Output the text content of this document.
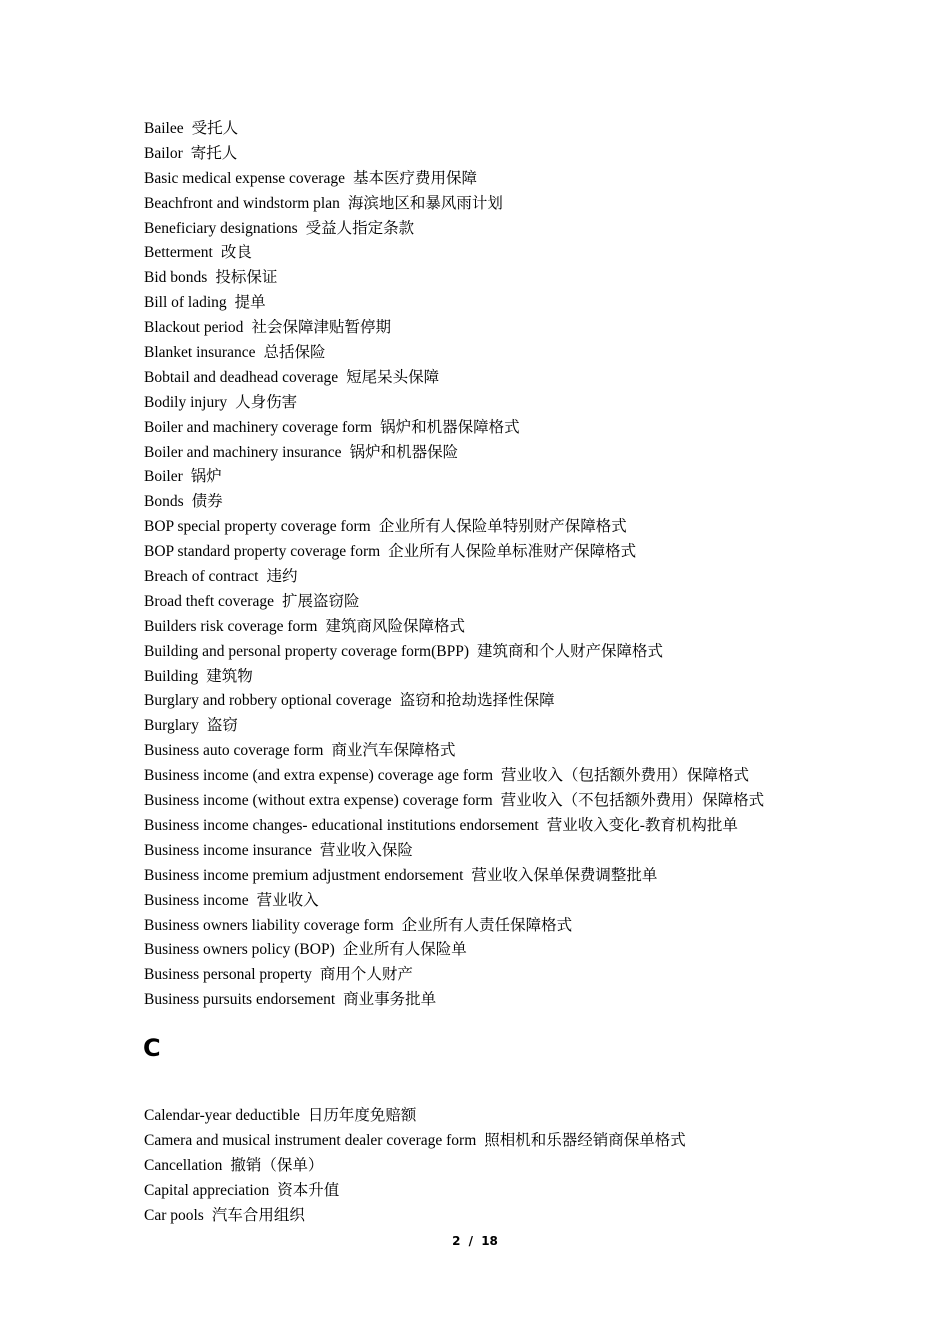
Bailee 受托人
Bailor 寄托人
Basic medical expense coverage 基本医疗费用保障
Beachfront and windstorm plan 海滨地区和暴风雨计划
Beneficiary designations 受益人指定条款
Betterment 改良
Bid bonds 投标保证
Bill of lading 提单
Blackout period 社会保障津贴暂停期
Blanket insurance 总括保险
Bobtail and deadhead coverage 短尾呆头保障
Bodily injury 人身伤害
Boiler and machinery coverage form 锅炉和机器保障格式
Boiler and machinery insurance 锅炉和机器保险
Boiler 锅炉
Bonds 债券
BOP special property coverage form 企业所有人保险单特别财产保障格式
BOP standard property coverage form 企业所有人保险单标准财产保障格式
Breach of contract 违约
Broad theft coverage 扩展盗窃险
Builders risk coverage form 建筑商风险保障格式
Building and personal property coverage form(BPP) 建筑商和个人财产保障格式
Building 建筑物
Burglary and robbery optional coverage 盗窃和抢劫选择性保障
Burglary 盗窃
Business auto coverage form 商业汽车保障格式
Business income (and extra expense) coverage age form 营业收入（包括额外费用）保障格式
Business income (without extra expense) coverage form 营业收入（不包括额外费用）保障格式
Business income changes- educational institutions endorsement 营业收入变化-教育机构批单
Business income insurance 营业收入保险
Business income premium adjustment endorsement 营业收入保单保费调整批单
Business income 营业收入
Business owners liability coverage form 企业所有人责任保障格式
Business owners policy (BOP) 企业所有人保险单
Business personal property 商用个人财产
Business pursuits endorsement 商业事务批单
C
Calendar-year deductible 日历年度免赔额
Camera and musical instrument dealer coverage form 照相机和乐器经销商保单格式
Cancellation 撤销（保单）
Capital appreciation 资本升值
Car pools 汽车合用组织
2 / 18
